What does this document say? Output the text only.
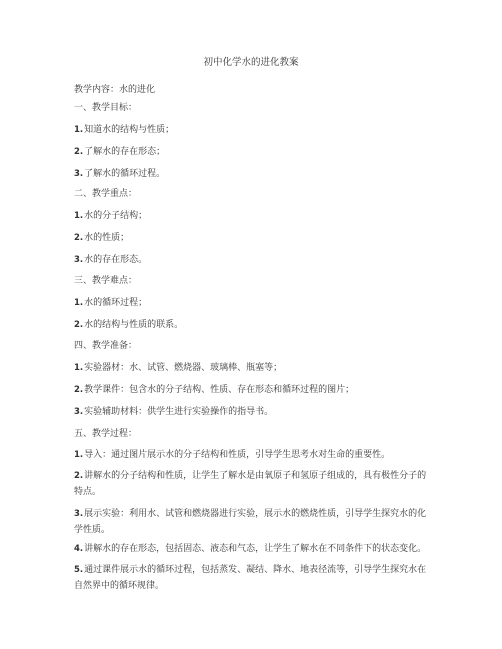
初中化学水的进化教案
教学内容：水的进化
一、教学目标：
1.知道水的结构与性质；
2.了解水的存在形态；
3.了解水的循环过程。
二、教学重点：
1.水的分子结构；
2.水的性质；
3.水的存在形态。
三、教学难点：
1.水的循环过程；
2.水的结构与性质的联系。
四、教学准备：
1.实验器材：水、试管、燃烧器、玻璃棒、瓶塞等；
2.教学课件：包含水的分子结构、性质、存在形态和循环过程的图片；
3.实验辅助材料：供学生进行实验操作的指导书。
五、教学过程：
1.导入：通过图片展示水的分子结构和性质，引导学生思考水对生命的重要性。
2.讲解水的分子结构和性质，让学生了解水是由氧原子和氢原子组成的，具有极性分子的特点。
3.展示实验：利用水、试管和燃烧器进行实验，展示水的燃烧性质，引导学生探究水的化学性质。
4.讲解水的存在形态，包括固态、液态和气态，让学生了解水在不同条件下的状态变化。
5.通过课件展示水的循环过程，包括蒸发、凝结、降水、地表径流等，引导学生探究水在自然界中的循环规律。
